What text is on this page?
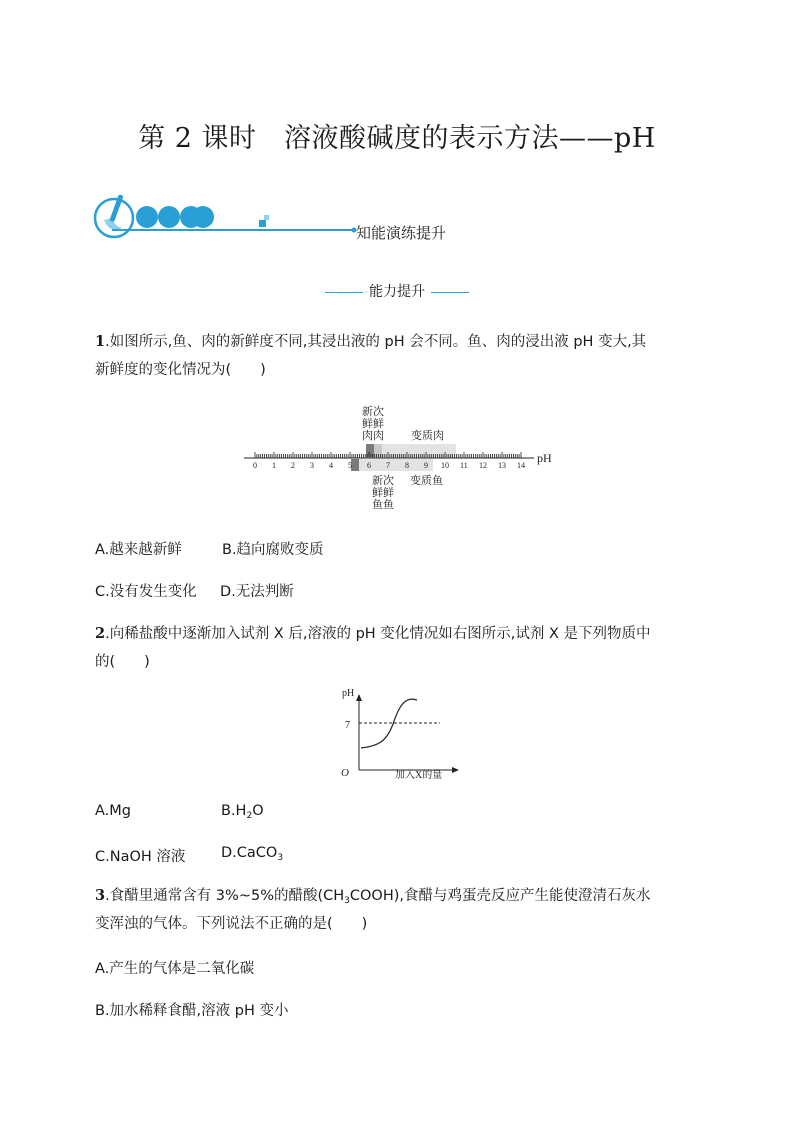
第 2 课时　溶液酸碱度的表示方法——pH
知能演练提升
能力提升
1.如图所示,鱼、肉的新鲜度不同,其浸出液的 pH 会不同。鱼、肉的浸出液 pH 变大,其
新鲜度的变化情况为(　　)
新次
鲜鲜
肉肉 变质肉
pH
0 1 2 3 4 5 6 7 8 9 10 11 12 13 14
新次
鲜鲜
鱼鱼
变质鱼
A.越来越新鲜	B.趋向腐败变质
C.没有发生变化 D.无法判断
2.向稀盐酸中逐渐加入试剂 X 后,溶液的 pH 变化情况如右图所示,试剂 X 是下列物质中
的(　　)
pH
7
O	加入X的量
A.Mg	$B.H_2O$
C.NaOH 溶液 D.CaCO$_3$
3.食醋里通常含有 3%~5%的醋酸$(CH_3COOH)$,食醋与鸡蛋壳反应产生能使澄清石灰水
变浑浊的气体。下列说法不正确的是(　　)
A.产生的气体是二氧化碳
B.加水稀释食醋,溶液 pH 变小
